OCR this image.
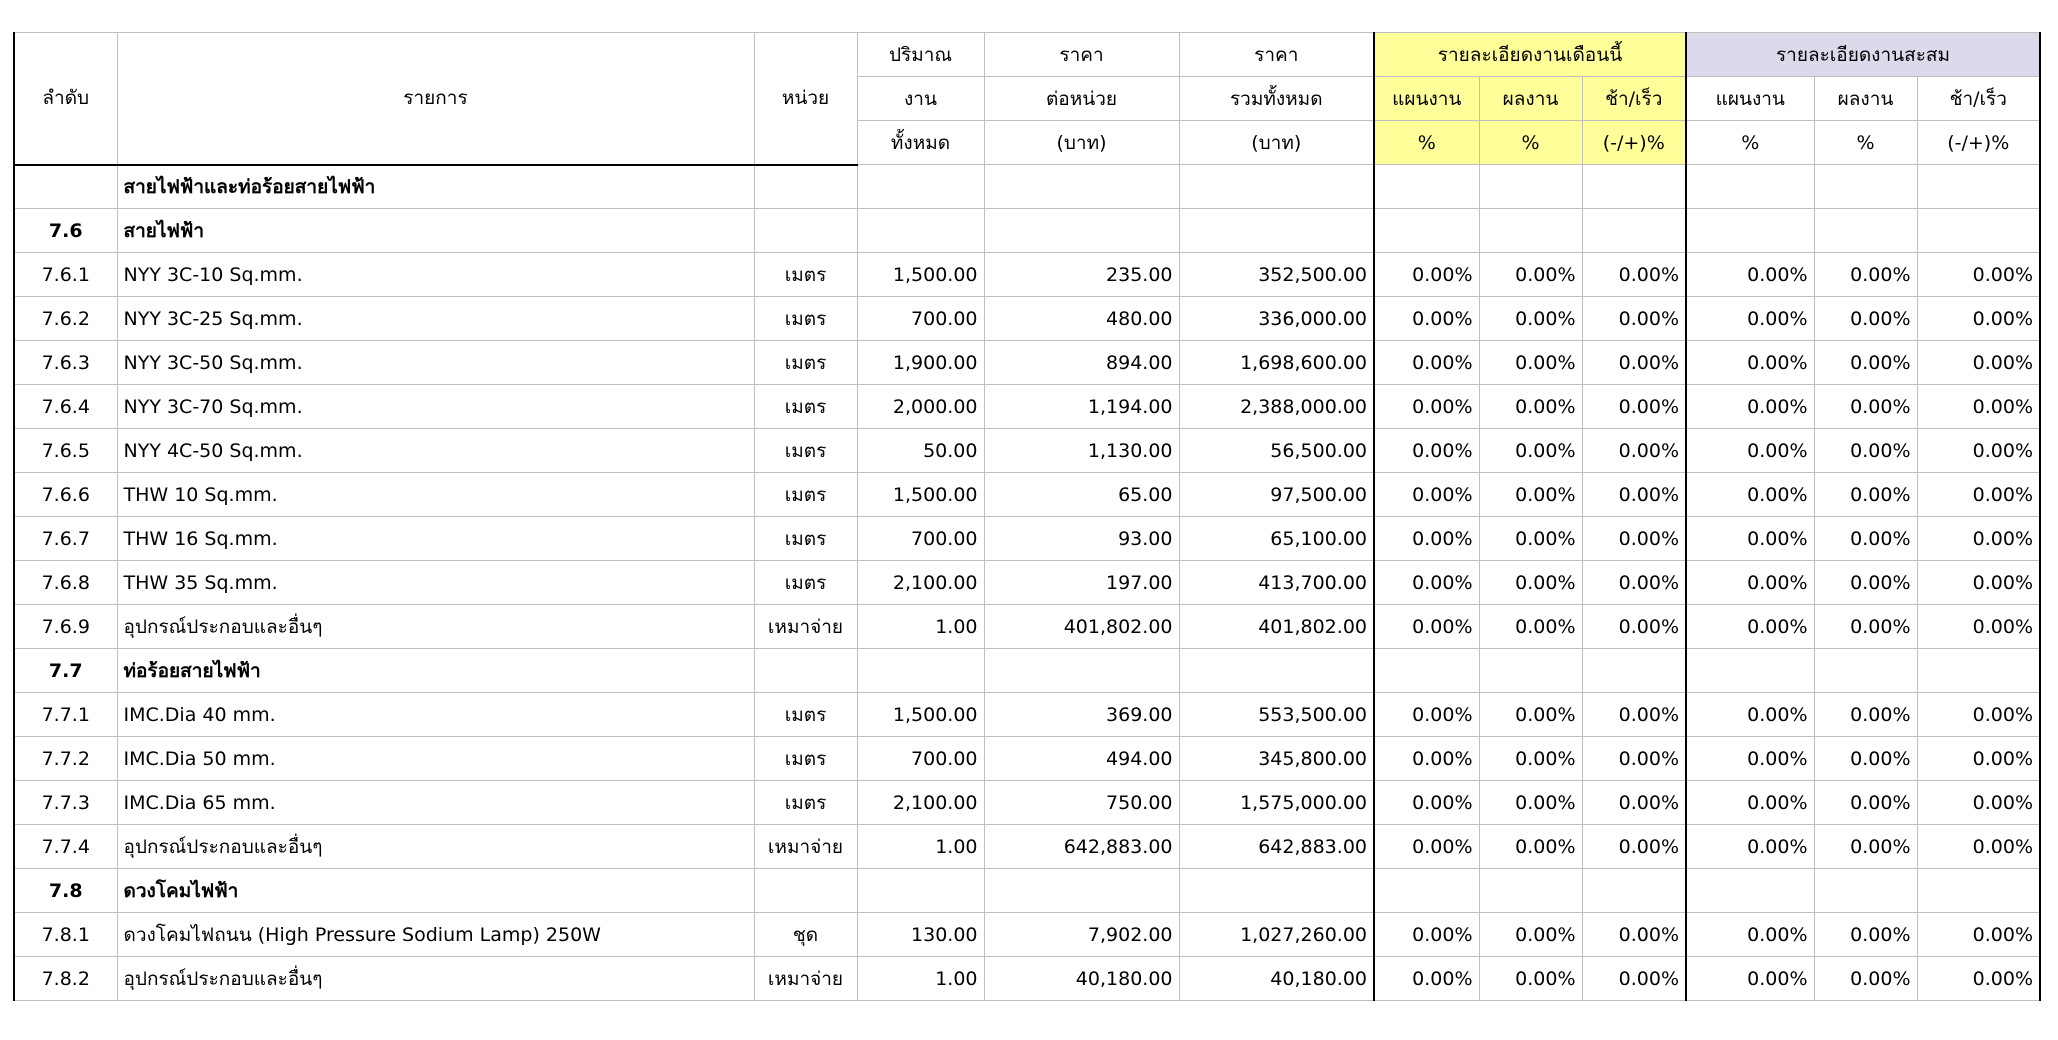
ลำดับ	รายการ	หน่วย	ปริมาณ	ราคา	ราคา	รายละเอียดงานเดือนนี้			รายละเอียดงานสะสม		
			งาน	ต่อหน่วย	รวมทั้งหมด	แผนงาน	ผลงาน	ช้า/เร็ว	แผนงาน	ผลงาน	ช้า/เร็ว
			ทั้งหมด	(บาท)	(บาท)	%	%	(-/+)%	%	%	(-/+)%
	สายไฟฟ้าและท่อร้อยสายไฟฟ้า										
7.6	สายไฟฟ้า										
7.6.1	NYY 3C-10 Sq.mm.	เมตร	1,500.00	235.00	352,500.00	0.00%	0.00%	0.00%	0.00%	0.00%	0.00%
7.6.2	NYY 3C-25 Sq.mm.	เมตร	700.00	480.00	336,000.00	0.00%	0.00%	0.00%	0.00%	0.00%	0.00%
7.6.3	NYY 3C-50 Sq.mm.	เมตร	1,900.00	894.00	1,698,600.00	0.00%	0.00%	0.00%	0.00%	0.00%	0.00%
7.6.4	NYY 3C-70 Sq.mm.	เมตร	2,000.00	1,194.00	2,388,000.00	0.00%	0.00%	0.00%	0.00%	0.00%	0.00%
7.6.5	NYY 4C-50 Sq.mm.	เมตร	50.00	1,130.00	56,500.00	0.00%	0.00%	0.00%	0.00%	0.00%	0.00%
7.6.6	THW 10 Sq.mm.	เมตร	1,500.00	65.00	97,500.00	0.00%	0.00%	0.00%	0.00%	0.00%	0.00%
7.6.7	THW 16 Sq.mm.	เมตร	700.00	93.00	65,100.00	0.00%	0.00%	0.00%	0.00%	0.00%	0.00%
7.6.8	THW 35 Sq.mm.	เมตร	2,100.00	197.00	413,700.00	0.00%	0.00%	0.00%	0.00%	0.00%	0.00%
7.6.9	อุปกรณ์ประกอบและอื่นๆ	เหมาจ่าย	1.00	401,802.00	401,802.00	0.00%	0.00%	0.00%	0.00%	0.00%	0.00%
7.7	ท่อร้อยสายไฟฟ้า										
7.7.1	IMC.Dia 40 mm.	เมตร	1,500.00	369.00	553,500.00	0.00%	0.00%	0.00%	0.00%	0.00%	0.00%
7.7.2	IMC.Dia 50 mm.	เมตร	700.00	494.00	345,800.00	0.00%	0.00%	0.00%	0.00%	0.00%	0.00%
7.7.3	IMC.Dia 65 mm.	เมตร	2,100.00	750.00	1,575,000.00	0.00%	0.00%	0.00%	0.00%	0.00%	0.00%
7.7.4	อุปกรณ์ประกอบและอื่นๆ	เหมาจ่าย	1.00	642,883.00	642,883.00	0.00%	0.00%	0.00%	0.00%	0.00%	0.00%
7.8	ดวงโคมไฟฟ้า										
7.8.1	ดวงโคมไฟถนน (High Pressure Sodium Lamp) 250W	ชุด	130.00	7,902.00	1,027,260.00	0.00%	0.00%	0.00%	0.00%	0.00%	0.00%
7.8.2	อุปกรณ์ประกอบและอื่นๆ	เหมาจ่าย	1.00	40,180.00	40,180.00	0.00%	0.00%	0.00%	0.00%	0.00%	0.00%
